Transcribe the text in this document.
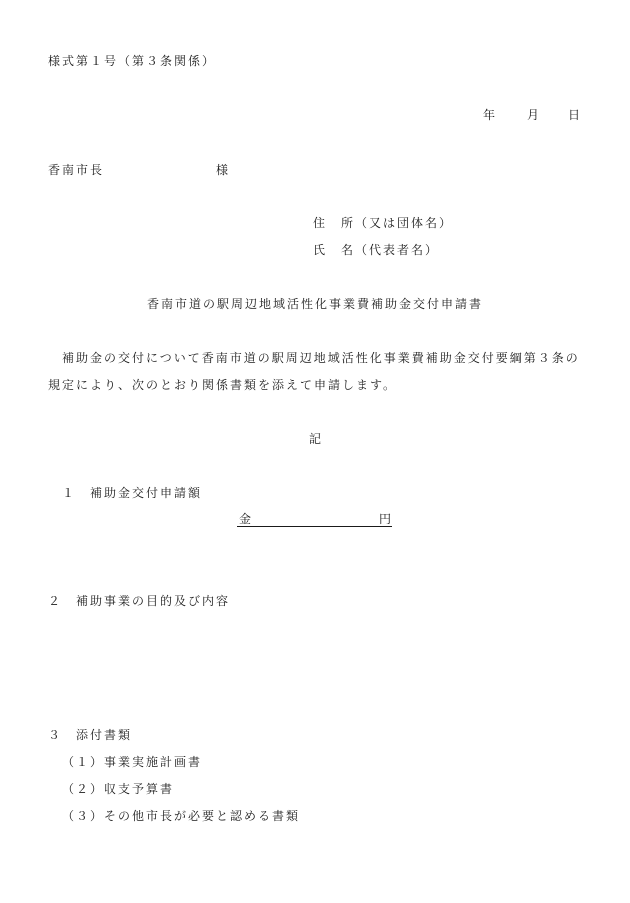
様式第１号（第３条関係）
年 月 日
香南市長	様
住　所（又は団体名）
氏　名（代表者名）
香南市道の駅周辺地域活性化事業費補助金交付申請書
補助金の交付について香南市道の駅周辺地域活性化事業費補助金交付要綱第３条の
規定により、次のとおり関係書類を添えて申請します。
記
１　補助金交付申請額
金	円
２　補助事業の目的及び内容
３　添付書類
（１）事業実施計画書
（２）収支予算書
（３）その他市長が必要と認める書類
